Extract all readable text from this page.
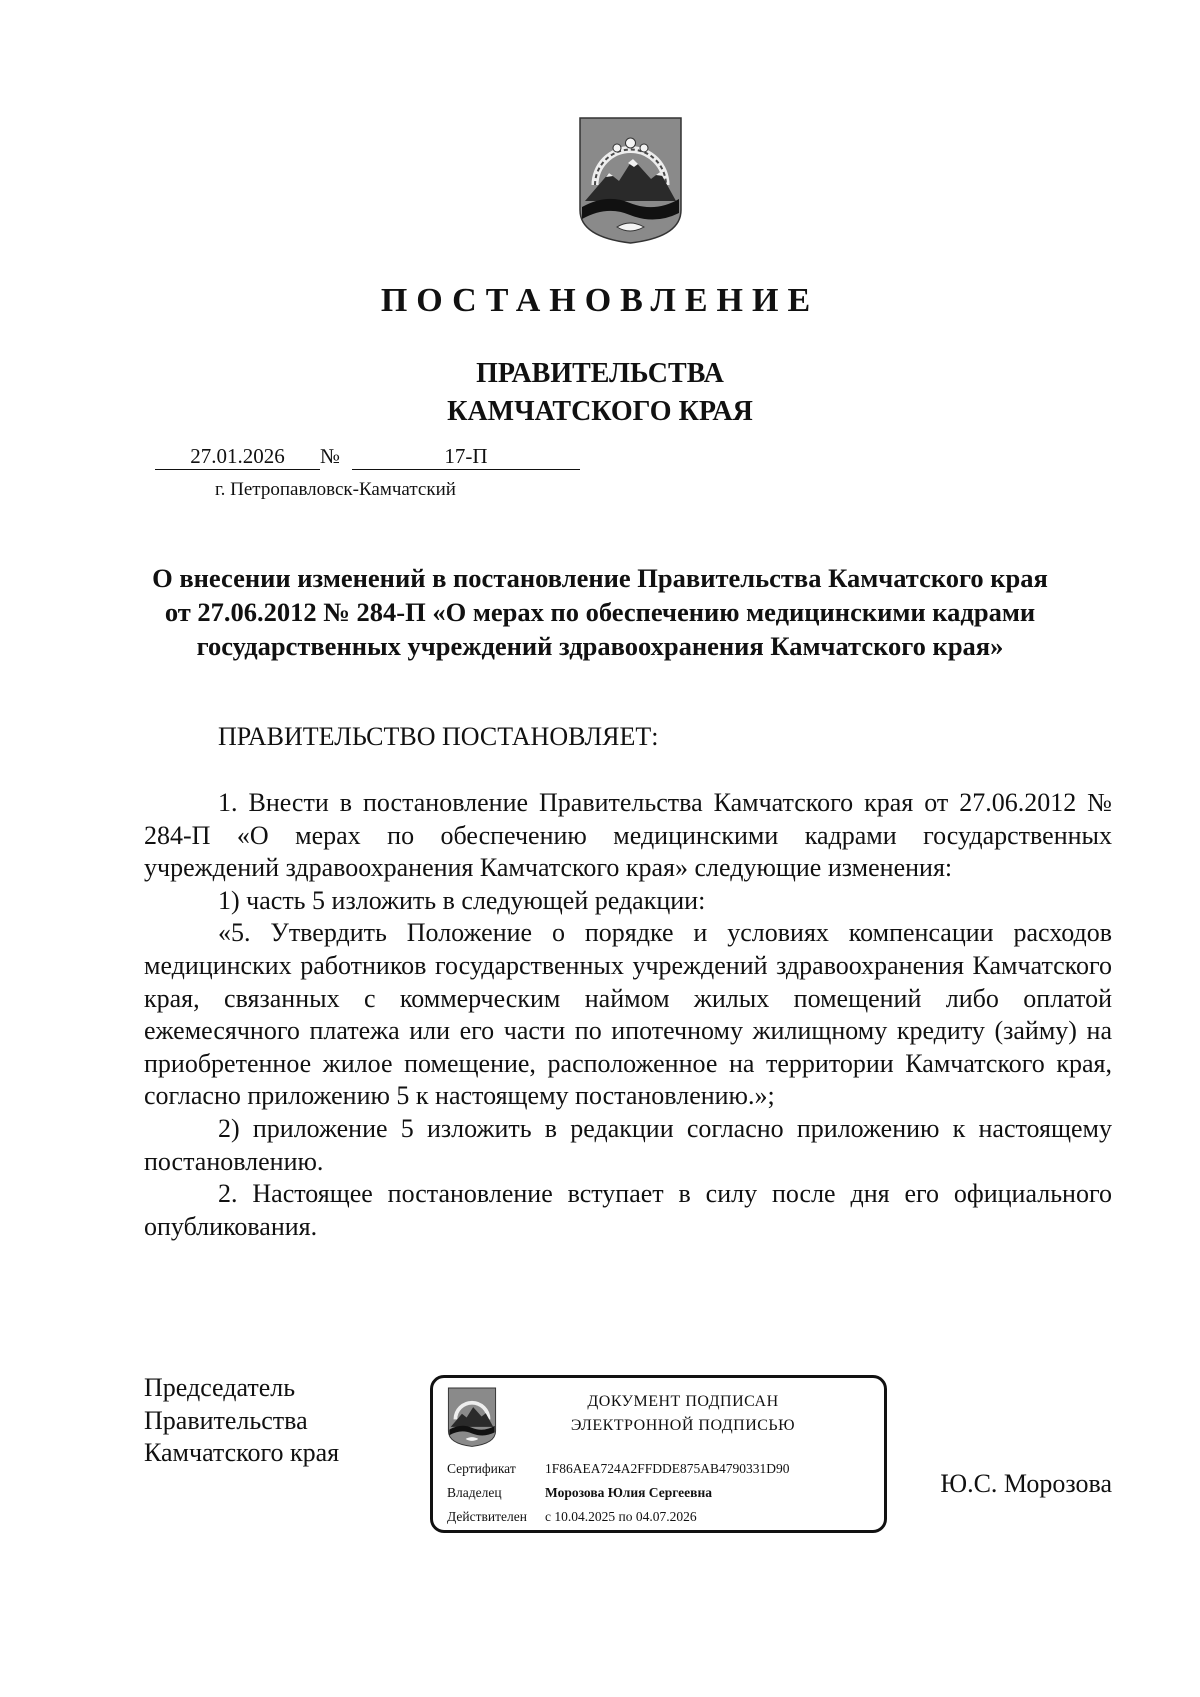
ПОСТАНОВЛЕНИЕ
ПРАВИТЕЛЬСТВА
КАМЧАТСКОГО КРАЯ
27.01.2026	№	17-П
г. Петропавловск-Камчатский
О внесении изменений в постановление Правительства Камчатского края
от 27.06.2012 № 284-П «О мерах по обеспечению медицинскими кадрами
государственных учреждений здравоохранения Камчатского края»
ПРАВИТЕЛЬСТВО ПОСТАНОВЛЯЕТ:

1. Внести в постановление Правительства Камчатского края от 27.06.2012 № 284-П «О мерах по обеспечению медицинскими кадрами государственных учреждений здравоохранения Камчатского края» следующие изменения:

1) часть 5 изложить в следующей редакции:

«5. Утвердить Положение о порядке и условиях компенсации расходов медицинских работников государственных учреждений здравоохранения Камчатского края, связанных с коммерческим наймом жилых помещений либо оплатой ежемесячного платежа или его части по ипотечному жилищному кредиту (займу) на приобретенное жилое помещение, расположенное на территории Камчатского края, согласно приложению 5 к настоящему постановлению.»;

2) приложение 5 изложить в редакции согласно приложению к настоящему постановлению.

2. Настоящее постановление вступает в силу после дня его официального опубликования.

Председатель
Правительства
Камчатского края
ДОКУМЕНТ ПОДПИСАН
ЭЛЕКТРОННОЙ ПОДПИСЬЮ
Сертификат 1F86AEA724A2FFDDE875AB4790331D90
Владелец	Морозова Юлия Сергеевна
Действителен с 10.04.2025 по 04.07.2026
Ю.С. Морозова
